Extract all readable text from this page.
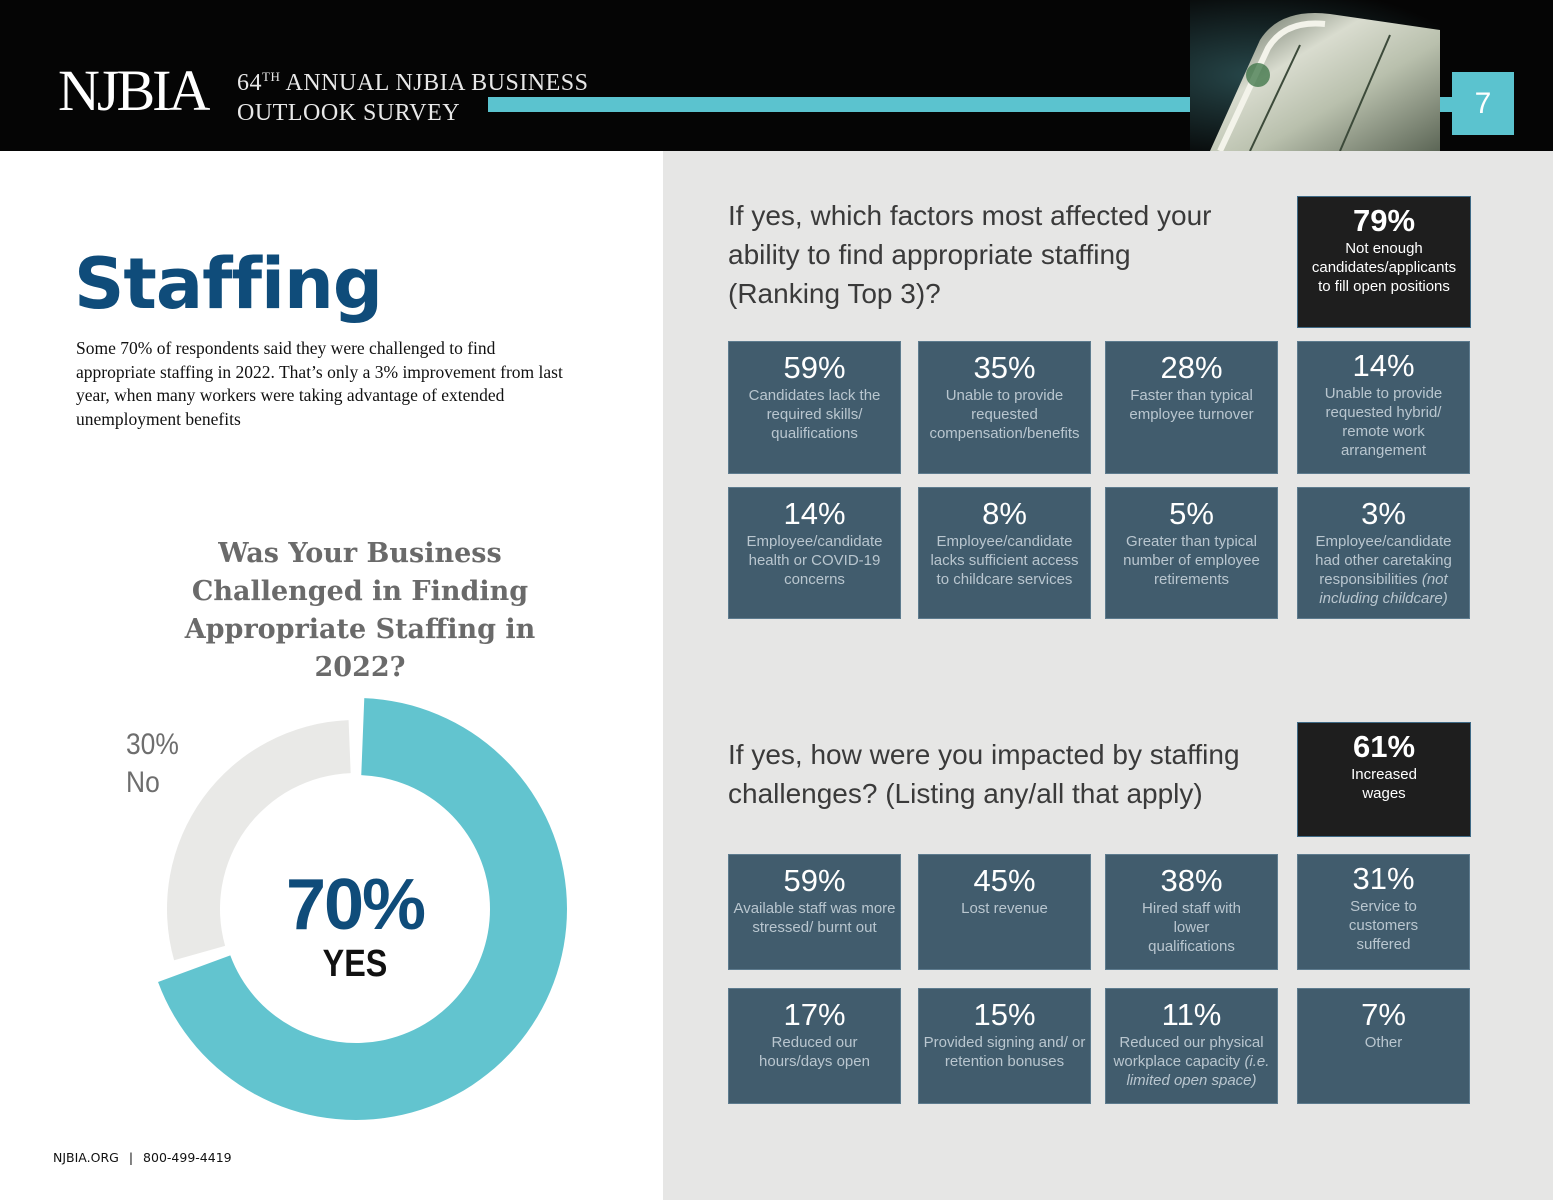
NJBIA 64TH ANNUAL NJBIA BUSINESS
OUTLOOK SURVEY	7
Staffing
Some 70% of respondents said they were challenged to find appropriate staffing in 2022. That’s only a 3% improvement from last year, when many workers were taking advantage of extended unemployment benefits
Was Your Business
Challenged in Finding
Appropriate Staffing in 2022?
30%
No
70%
YES
NJBIA.ORG | 800-499-4419
If yes, which factors most affected your ability to find appropriate staffing (Ranking Top 3)?
79%
Not enough candidates/applicants to fill open positions
59%
Candidates lack the required skills/ qualifications
35%
Unable to provide requested compensation/benefits
28%
Faster than typical employee turnover
14%
Unable to provide requested hybrid/ remote work arrangement
14%
Employee/candidate health or COVID-19 concerns
8%
Employee/candidate lacks sufficient access to childcare services
5%
Greater than typical number of employee retirements
3%
Employee/candidate had other caretaking responsibilities (not including childcare)
If yes, how were you impacted by staffing challenges? (Listing any/all that apply)
61%
Increased wages
59%
Available staff was more stressed/ burnt out
45%
Lost revenue
38%
Hired staff with lower qualifications
31%
Service to customers suffered
17%
Reduced our hours/days open
15%
Provided signing and/ or retention bonuses
11%
Reduced our physical workplace capacity (i.e. limited open space)
7%
Other
